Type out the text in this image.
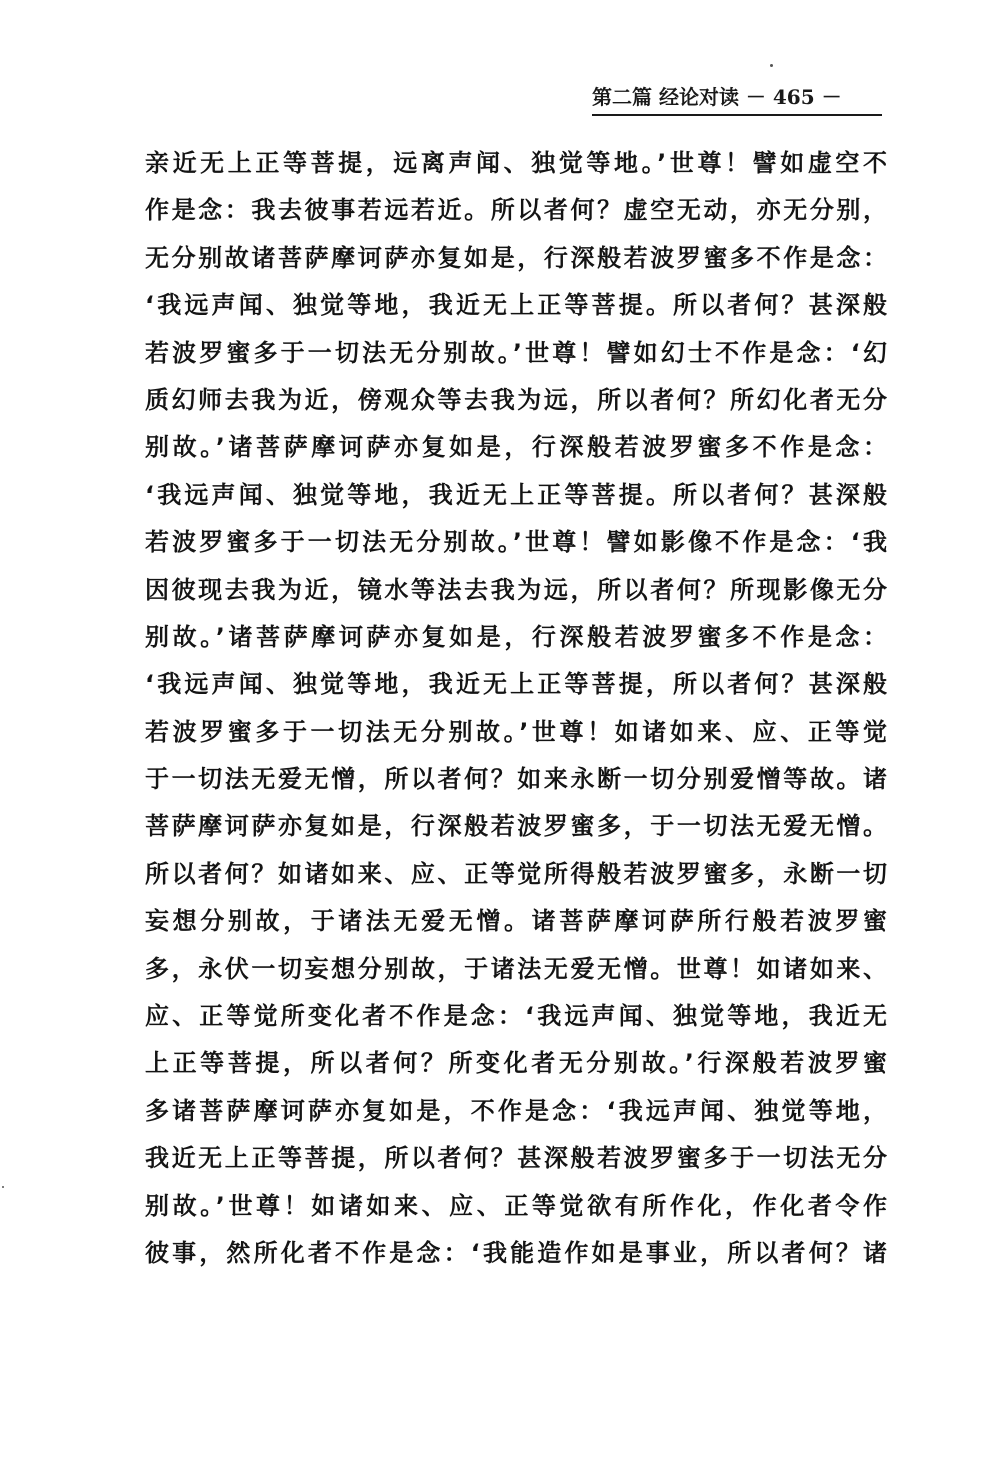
第二篇 经论对读 － 465 －
亲近无上正等菩提，远离声闻、独觉等地。’世尊！譬如虚空不
作是念：我去彼事若远若近。所以者何？虚空无动，亦无分别，
无分别故诸菩萨摩诃萨亦复如是，行深般若波罗蜜多不作是念：
‘我远声闻、独觉等地，我近无上正等菩提。所以者何？甚深般
若波罗蜜多于一切法无分别故。’世尊！譬如幻士不作是念：‘幻
质幻师去我为近，傍观众等去我为远，所以者何？所幻化者无分
别故。’诸菩萨摩诃萨亦复如是，行深般若波罗蜜多不作是念：
‘我远声闻、独觉等地，我近无上正等菩提。所以者何？甚深般
若波罗蜜多于一切法无分别故。’世尊！譬如影像不作是念：‘我
因彼现去我为近，镜水等法去我为远，所以者何？所现影像无分
别故。’诸菩萨摩诃萨亦复如是，行深般若波罗蜜多不作是念：
‘我远声闻、独觉等地，我近无上正等菩提，所以者何？甚深般
若波罗蜜多于一切法无分别故。’世尊！如诸如来、应、正等觉
于一切法无爱无憎，所以者何？如来永断一切分别爱憎等故。诸
菩萨摩诃萨亦复如是，行深般若波罗蜜多，于一切法无爱无憎。
所以者何？如诸如来、应、正等觉所得般若波罗蜜多，永断一切
妄想分别故，于诸法无爱无憎。诸菩萨摩诃萨所行般若波罗蜜
多，永伏一切妄想分别故，于诸法无爱无憎。世尊！如诸如来、
应、正等觉所变化者不作是念：‘我远声闻、独觉等地，我近无
上正等菩提，所以者何？所变化者无分别故。’行深般若波罗蜜
多诸菩萨摩诃萨亦复如是，不作是念：‘我远声闻、独觉等地，
我近无上正等菩提，所以者何？甚深般若波罗蜜多于一切法无分
别故。’世尊！如诸如来、应、正等觉欲有所作化，作化者令作
彼事，然所化者不作是念：‘我能造作如是事业，所以者何？诸
